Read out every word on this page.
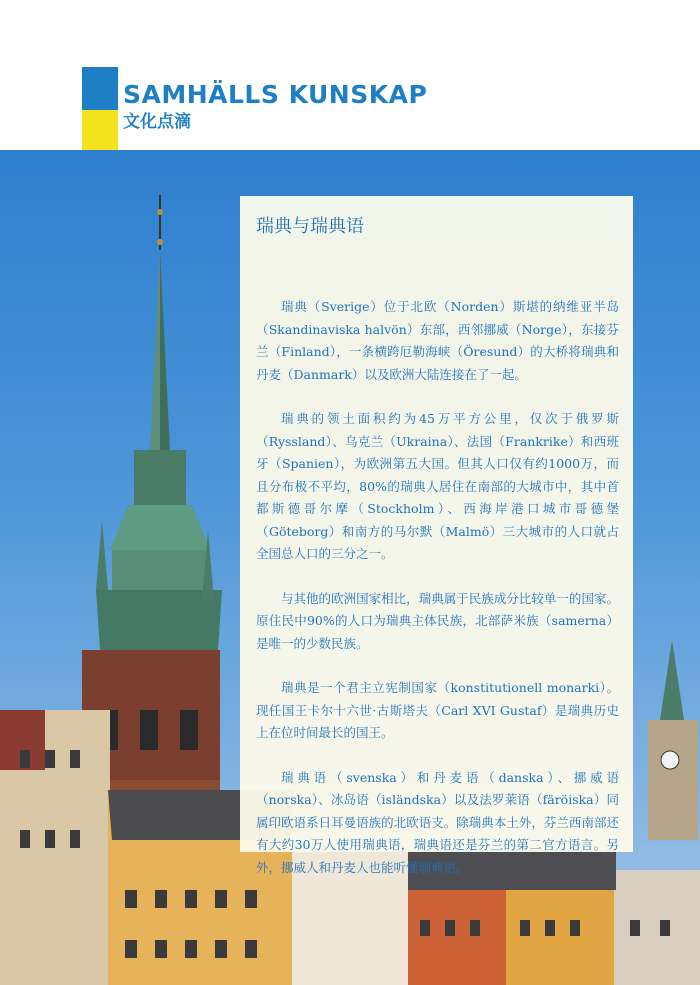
SAMHÄLLS KUNSKAP
文化点滴
瑞典与瑞典语

瑞典（Sverige）位于北欧（Norden）斯堪的纳维亚半岛（Skandinaviska halvön）东部，西邻挪威（Norge），东接芬兰（Finland），一条横跨厄勒海峡（Öresund）的大桥将瑞典和丹麦（Danmark）以及欧洲大陆连接在了一起。

瑞典的领土面积约为45万平方公里，仅次于俄罗斯（Ryssland）、乌克兰（Ukraina）、法国（Frankrike）和西班牙（Spanien），为欧洲第五大国。但其人口仅有约1000万，而且分布极不平均，80%的瑞典人居住在南部的大城市中，其中首都斯德哥尔摩（Stockholm）、西海岸港口城市哥德堡（Göteborg）和南方的马尔默（Malmö）三大城市的人口就占全国总人口的三分之一。

与其他的欧洲国家相比，瑞典属于民族成分比较单一的国家。原住民中90%的人口为瑞典主体民族，北部萨米族（samerna）是唯一的少数民族。

瑞典是一个君主立宪制国家（konstitutionell monarki）。现任国王卡尔十六世·古斯塔夫（Carl XVI Gustaf）是瑞典历史上在位时间最长的国王。

瑞典语（svenska）和丹麦语（danska）、挪威语（norska）、冰岛语（isländska）以及法罗莱语（färöiska）同属印欧语系日耳曼语族的北欧语支。除瑞典本土外，芬兰西南部还有大约30万人使用瑞典语，瑞典语还是芬兰的第二官方语言。另外，挪威人和丹麦人也能听懂瑞典语。
